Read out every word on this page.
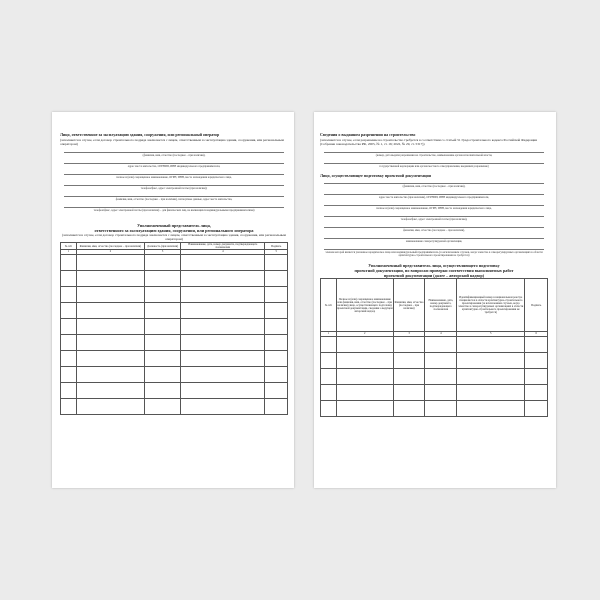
Лицо, ответственное за эксплуатацию здания, сооружения, или региональный оператор

(заполняется в случае, если договор строительного подряда заключается с лицом, ответственным за эксплуатацию здания, сооружения, или региональным оператором)

(фамилия, имя, отчество (последнее – при наличии),
адрес места жительства, ОГРНИП, ИНН индивидуального предпринимателя,
полное и (или) сокращенное наименование, ОГРН, ИНН, место нахождения юридического лица,
телефон/факс, адрес электронной почты (при наличии);
фамилия, имя, отчество (последнее – при наличии), паспортные данные, адрес места жительства,
телефон/факс, адрес электронной почты (при наличии) – для физических лиц, не являющихся индивидуальными предпринимателями)

Уполномоченный представитель лица,
ответственного за эксплуатацию здания, сооружения, или регионального оператора

(заполняется в случае, если договор строительного подряда заключается с лицом, ответственным за эксплуатацию здания, сооружения, или региональным оператором)

№ п/п	Фамилия, имя, отчество (последнее – при наличии)	Должность (при наличии)	Наименование, дата, номер документа, подтверждающего полномочия	Подпись
1	2	3	4	5

Сведения о выданном разрешении на строительство

(заполняется в случае, если разрешение на строительство требуется в соответствии со статьей 51 Градостроительного кодекса Российской Федерации (Собрание законодательства РФ, 2005, № 1, ст. 16; 2022, № 29, ст. 5317))

(номер, дата выдачи разрешения на строительство, наименование органа исполнительной власти,
государственной корпорации или органа местного самоуправления, выдавших разрешение)

Лицо, осуществляющее подготовку проектной документации

(фамилия, имя, отчество (последнее – при наличии),
адрес места жительства (при наличии), ОГРНИП, ИНН индивидуального предпринимателя,
полное и (или) сокращенное наименование, ОГРН, ИНН, место нахождения юридического лица,
телефон/факс, адрес электронной почты (при наличии),
фамилия, имя, отчество (последнее – при наличии),
наименование саморегулируемой организации,
членом которой является указанное юридическое лицо или индивидуальный предприниматель (за исключением случаев, когда членство в саморегулируемых организациях в области архитектурно-строительного проектирования не требуется)

Уполномоченный представитель лица, осуществляющего подготовку
проектной документации, по вопросам проверки соответствия выполняемых работ
проектной документации (далее – авторский надзор)

№ п/п	Полное и (или) сокращенное наименование или фамилия, имя, отчество (последнее – при наличии) лица, осуществляющего подготовку проектной документации, сведения о ведущем авторский надзор	Фамилия, имя, отчество (последнее – при наличии)	Наименование, дата, номер документа, подтверждающего полномочия	Идентификационный номер в национальном реестре специалистов в области архитектурно-строительного проектирования (за исключением случаев, когда членство в саморегулируемых организациях в области архитектурно-строительного проектирования не требуется)	Подпись
1	2	3	4	5	6
